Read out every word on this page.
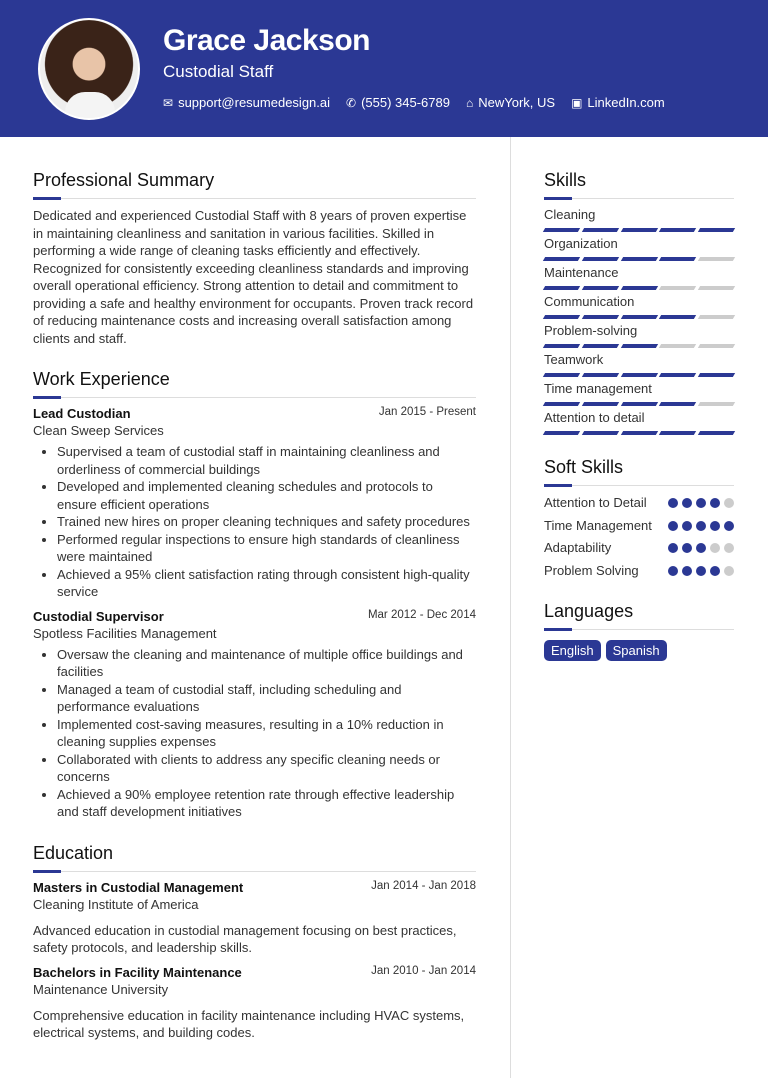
Grace Jackson
Custodial Staff
✉ support@resumedesign.ai ✆ (555) 345-6789 ⌂ NewYork, US ▣ LinkedIn.com
Professional Summary

Dedicated and experienced Custodial Staff with 8 years of proven expertise in maintaining cleanliness and sanitation in various facilities. Skilled in performing a wide range of cleaning tasks efficiently and effectively. Recognized for consistently exceeding cleanliness standards and improving overall operational efficiency. Strong attention to detail and commitment to providing a safe and healthy environment for occupants. Proven track record of reducing maintenance costs and increasing overall satisfaction among clients and staff.

Work Experience
Lead Custodian	Jan 2015 - Present
Clean Sweep Services
• Supervised a team of custodial staff in maintaining cleanliness and orderliness of commercial buildings
• Developed and implemented cleaning schedules and protocols to ensure efficient operations
• Trained new hires on proper cleaning techniques and safety procedures
• Performed regular inspections to ensure high standards of cleanliness were maintained
• Achieved a 95% client satisfaction rating through consistent high-quality service
Custodial Supervisor	Mar 2012 - Dec 2014
Spotless Facilities Management
• Oversaw the cleaning and maintenance of multiple office buildings and facilities
• Managed a team of custodial staff, including scheduling and performance evaluations
• Implemented cost-saving measures, resulting in a 10% reduction in cleaning supplies expenses
• Collaborated with clients to address any specific cleaning needs or concerns
• Achieved a 90% employee retention rate through effective leadership and staff development initiatives
Education
Masters in Custodial Management	Jan 2014 - Jan 2018
Cleaning Institute of America

Advanced education in custodial management focusing on best practices, safety protocols, and leadership skills.

Bachelors in Facility Maintenance	Jan 2010 - Jan 2014
Maintenance University

Comprehensive education in facility maintenance including HVAC systems, electrical systems, and building codes.

Skills
Cleaning
Organization
Maintenance
Communication
Problem-solving
Teamwork
Time management
Attention to detail
Soft Skills
Attention to Detail
Time Management
Adaptability
Problem Solving
Languages
English	Spanish
